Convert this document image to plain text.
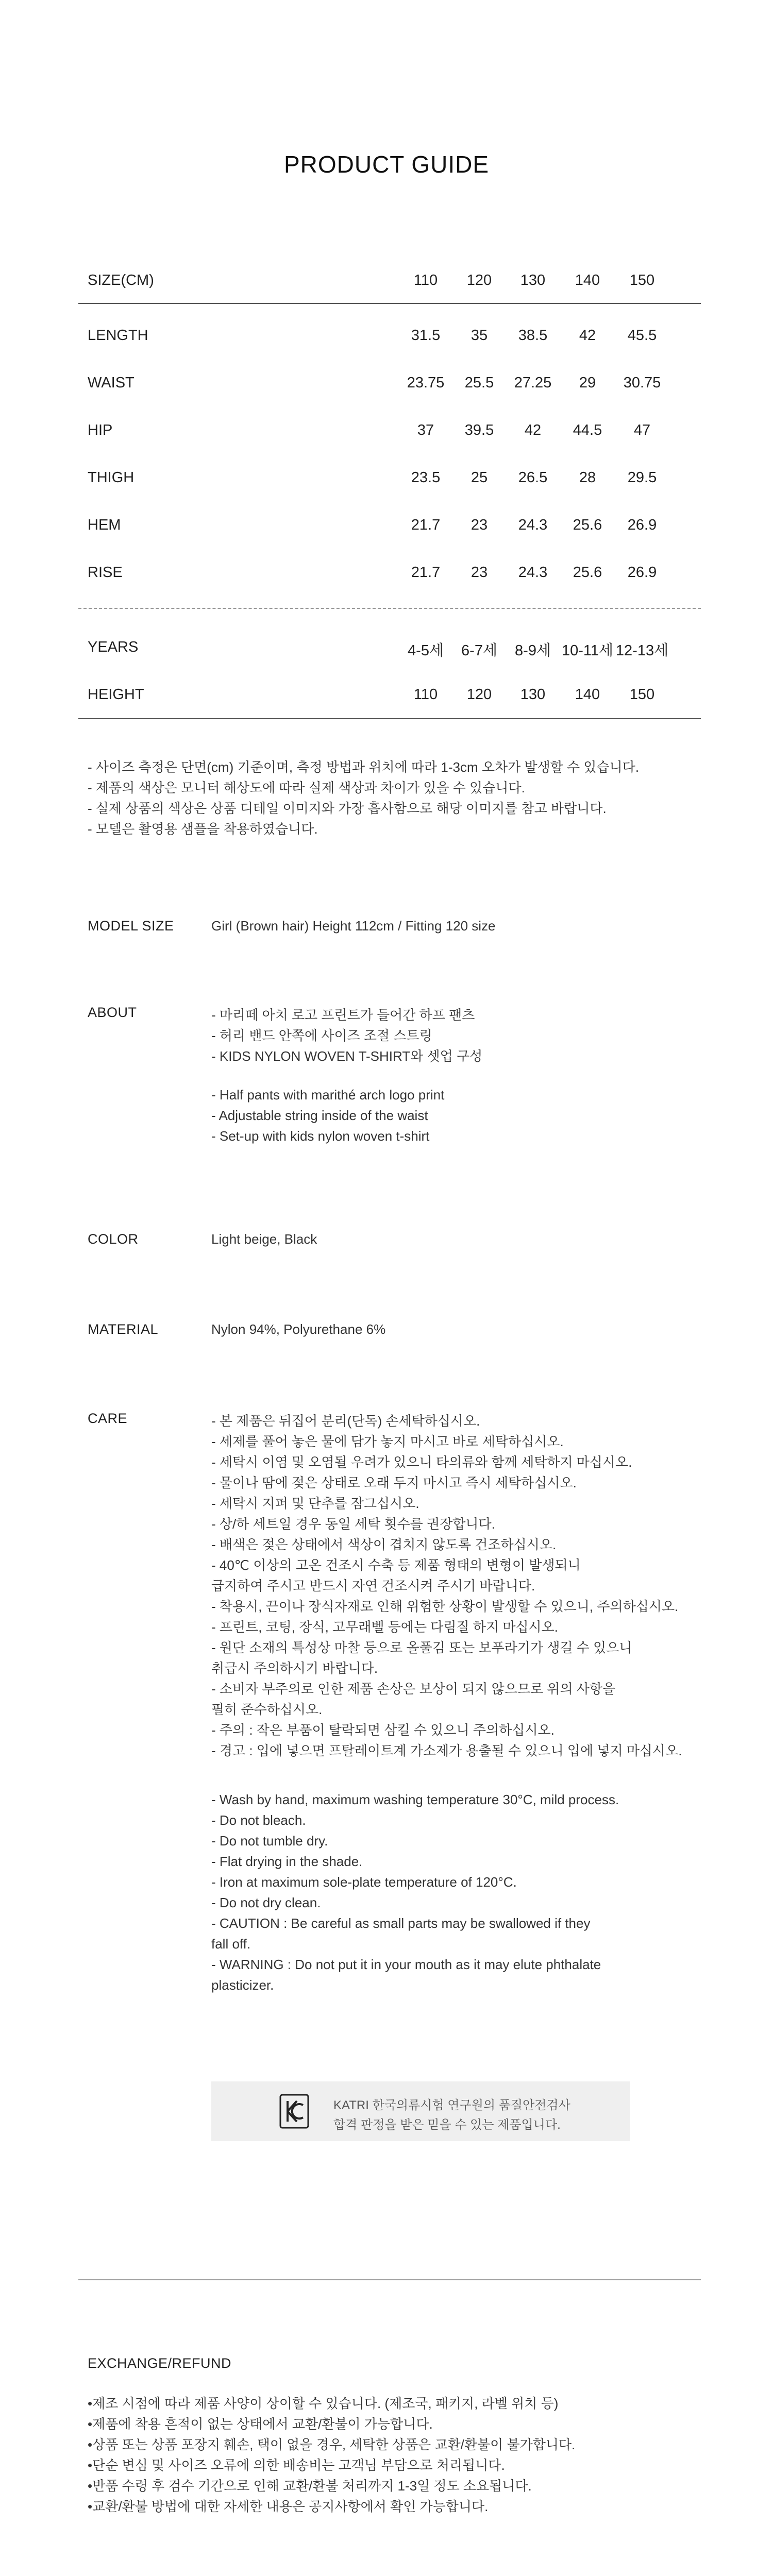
PRODUCT GUIDE
SIZE(CM)	110	120	130	140	150
LENGTH	31.5	35	38.5	42	45.5
WAIST	23.75	25.5	27.25	29	30.75
HIP	37	39.5	42	44.5	47
THIGH	23.5	25	26.5	28	29.5
HEM	21.7	23	24.3	25.6	26.9
RISE	21.7	23	24.3	25.6	26.9
YEARS	4-5세	6-7세	8-9세 10-11세 12-13세
HEIGHT	110	120	130	140	150
- 사이즈 측정은 단면(cm) 기준이며, 측정 방법과 위치에 따라 1-3cm 오차가 발생할 수 있습니다.
- 제품의 색상은 모니터 해상도에 따라 실제 색상과 차이가 있을 수 있습니다.
- 실제 상품의 색상은 상품 디테일 이미지와 가장 흡사함으로 해당 이미지를 참고 바랍니다.
- 모델은 촬영용 샘플을 착용하였습니다.
MODEL SIZE	Girl (Brown hair) Height 112cm / Fitting 120 size
ABOUT	- 마리떼 아치 로고 프린트가 들어간 하프 팬츠
- 허리 밴드 안쪽에 사이즈 조절 스트링
- KIDS NYLON WOVEN T-SHIRT와 셋업 구성
- Half pants with marithé arch logo print
- Adjustable string inside of the waist
- Set-up with kids nylon woven t-shirt
COLOR	Light beige, Black
MATERIAL	Nylon 94%, Polyurethane 6%
CARE	- 본 제품은 뒤집어 분리(단독) 손세탁하십시오.
- 세제를 풀어 놓은 물에 담가 놓지 마시고 바로 세탁하십시오.
- 세탁시 이염 및 오염될 우려가 있으니 타의류와 함께 세탁하지 마십시오.
- 물이나 땀에 젖은 상태로 오래 두지 마시고 즉시 세탁하십시오.
- 세탁시 지퍼 및 단추를 잠그십시오.
- 상/하 세트일 경우 동일 세탁 횟수를 권장합니다.
- 배색은 젖은 상태에서 색상이 겹치지 않도록 건조하십시오.
- 40℃ 이상의 고온 건조시 수축 등 제품 형태의 변형이 발생되니
급지하여 주시고 반드시 자연 건조시켜 주시기 바랍니다.
- 착용시, 끈이나 장식자재로 인해 위험한 상황이 발생할 수 있으니, 주의하십시오.
- 프린트, 코팅, 장식, 고무래벨 등에는 다림질 하지 마십시오.
- 원단 소재의 특성상 마찰 등으로 올풀김 또는 보푸라기가 생길 수 있으니
취급시 주의하시기 바랍니다.
- 소비자 부주의로 인한 제품 손상은 보상이 되지 않으므로 위의 사항을
필히 준수하십시오.
- 주의 : 작은 부품이 탈락되면 삼킬 수 있으니 주의하십시오.
- 경고 : 입에 넣으면 프탈레이트계 가소제가 용출될 수 있으니 입에 넣지 마십시오.
- Wash by hand, maximum washing temperature 30°C, mild process.
- Do not bleach.
- Do not tumble dry.
- Flat drying in the shade.
- Iron at maximum sole-plate temperature of 120°C.
- Do not dry clean.
- CAUTION : Be careful as small parts may be swallowed if they
fall off.
- WARNING : Do not put it in your mouth as it may elute phthalate
plasticizer.
KATRI 한국의류시험 연구원의 품질안전검사
합격 판정을 받은 믿을 수 있는 제품입니다.
EXCHANGE/REFUND
•제조 시점에 따라 제품 사양이 상이할 수 있습니다. (제조국, 패키지, 라벨 위치 등)
•제품에 착용 흔적이 없는 상태에서 교환/환불이 가능합니다.
•상품 또는 상품 포장지 훼손, 택이 없을 경우, 세탁한 상품은 교환/환불이 불가합니다.
•단순 변심 및 사이즈 오류에 의한 배송비는 고객님 부담으로 처리됩니다.
•반품 수령 후 검수 기간으로 인해 교환/환불 처리까지 1-3일 정도 소요됩니다.
•교환/환불 방법에 대한 자세한 내용은 공지사항에서 확인 가능합니다.
